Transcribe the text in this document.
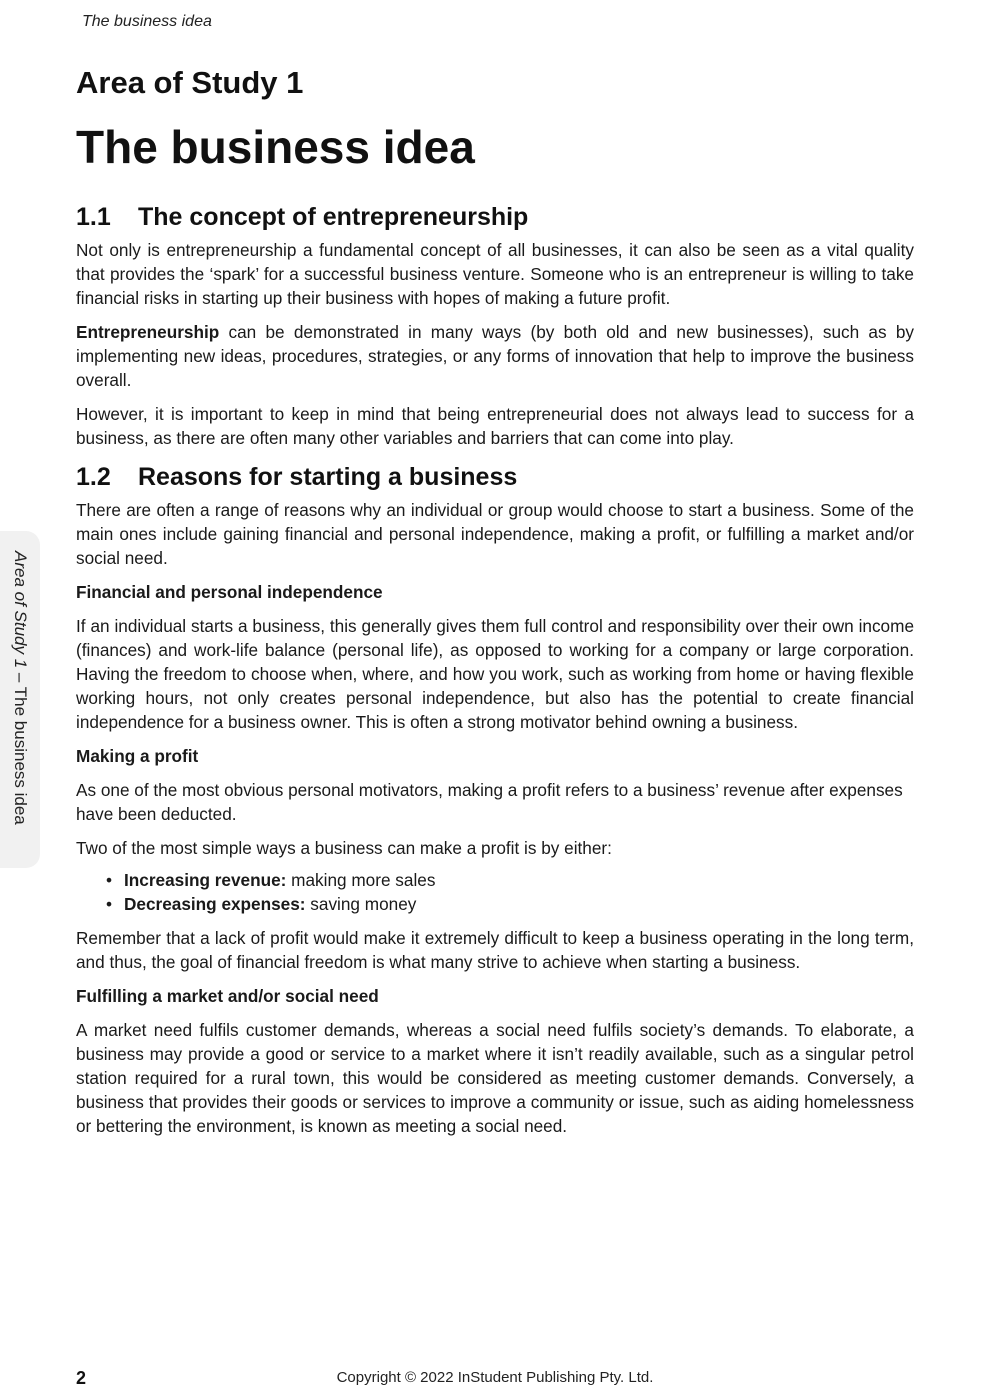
The business idea
Area of Study 1
The business idea
1.1 The concept of entrepreneurship

Not only is entrepreneurship a fundamental concept of all businesses, it can also be seen as a vital quality that provides the ‘spark’ for a successful business venture. Someone who is an entrepreneur is willing to take financial risks in starting up their business with hopes of making a future profit.

Entrepreneurship can be demonstrated in many ways (by both old and new businesses), such as by implementing new ideas, procedures, strategies, or any forms of innovation that help to improve the business overall.

However, it is important to keep in mind that being entrepreneurial does not always lead to success for a business, as there are often many other variables and barriers that can come into play.

1.2 Reasons for starting a business

There are often a range of reasons why an individual or group would choose to start a business. Some of the main ones include gaining financial and personal independence, making a profit, or fulfilling a market and/or social need.

Financial and personal independence

If an individual starts a business, this generally gives them full control and responsibility over their own income (finances) and work-life balance (personal life), as opposed to working for a company or large corporation. Having the freedom to choose when, where, and how you work, such as working from home or having flexible working hours, not only creates personal independence, but also has the potential to create financial independence for a business owner. This is often a strong motivator behind owning a business.

Making a profit

As one of the most obvious personal motivators, making a profit refers to a business’ revenue after expenses have been deducted.

Two of the most simple ways a business can make a profit is by either:

• Increasing revenue: making more sales
• Decreasing expenses: saving money

Remember that a lack of profit would make it extremely difficult to keep a business operating in the long term, and thus, the goal of financial freedom is what many strive to achieve when starting a business.

Fulfilling a market and/or social need

A market need fulfils customer demands, whereas a social need fulfils society’s demands. To elaborate, a business may provide a good or service to a market where it isn’t readily available, such as a singular petrol station required for a rural town, this would be considered as meeting customer demands. Conversely, a business that provides their goods or services to improve a community or issue, such as aiding homelessness or bettering the environment, is known as meeting a social need.

Area of Study 1 – The business idea
2	Copyright © 2022 InStudent Publishing Pty. Ltd.
